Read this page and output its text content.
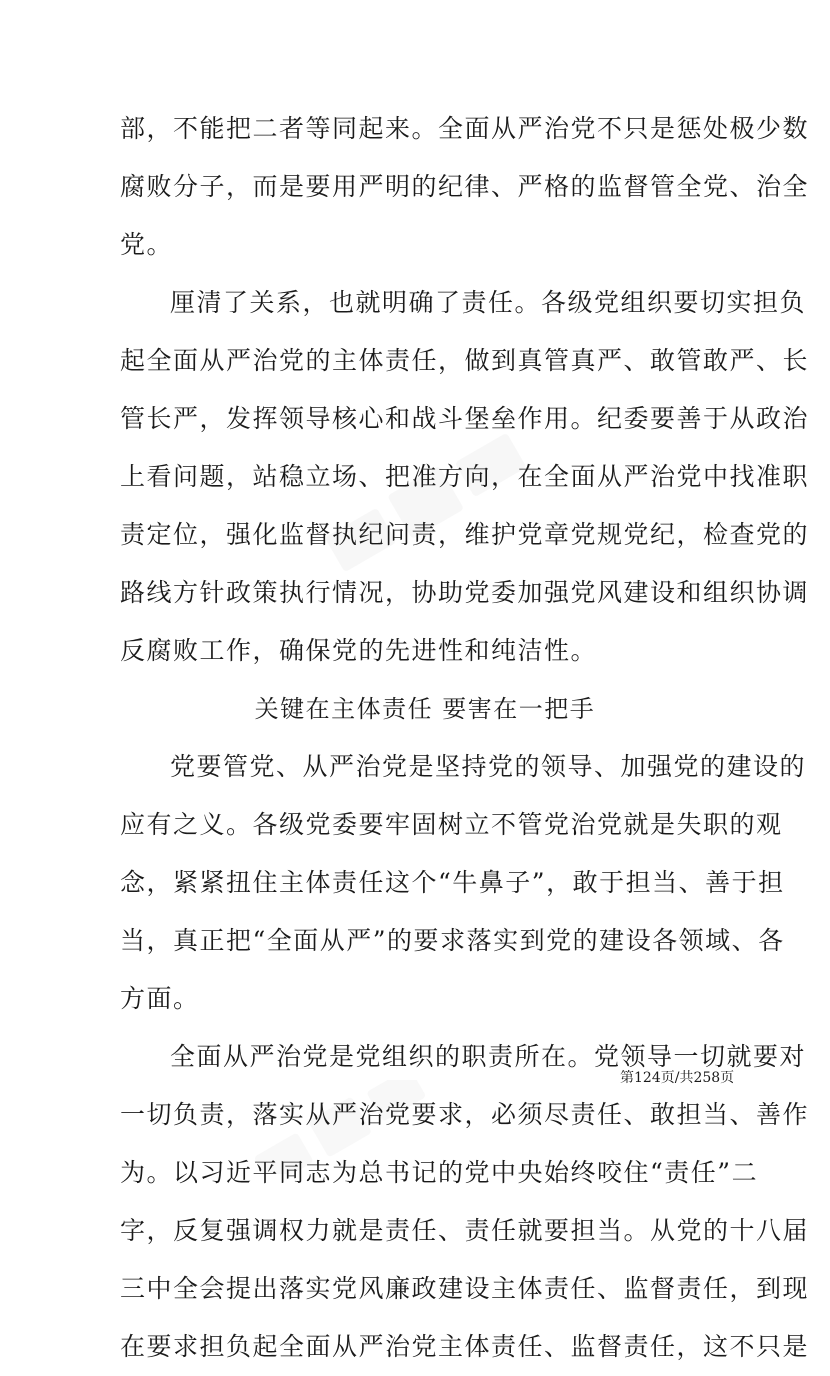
部，不能把二者等同起来。全面从严治党不只是惩处极少数
腐败分子，而是要用严明的纪律、严格的监督管全党、治全
党。
厘清了关系，也就明确了责任。各级党组织要切实担负
起全面从严治党的主体责任，做到真管真严、敢管敢严、长
管长严，发挥领导核心和战斗堡垒作用。纪委要善于从政治
上看问题，站稳立场、把准方向，在全面从严治党中找准职
责定位，强化监督执纪问责，维护党章党规党纪，检查党的
路线方针政策执行情况，协助党委加强党风建设和组织协调
反腐败工作，确保党的先进性和纯洁性。
关键在主体责任 要害在一把手
党要管党、从严治党是坚持党的领导、加强党的建设的
应有之义。各级党委要牢固树立不管党治党就是失职的观
念，紧紧扭住主体责任这个“牛鼻子”，敢于担当、善于担
当，真正把“全面从严”的要求落实到党的建设各领域、各
方面。
全面从严治党是党组织的职责所在。党领导一切就要对
一切负责，落实从严治党要求，必须尽责任、敢担当、善作
为。以习近平同志为总书记的党中央始终咬住“责任”二
字，反复强调权力就是责任、责任就要担当。从党的十八届
三中全会提出落实党风廉政建设主体责任、监督责任，到现
在要求担负起全面从严治党主体责任、监督责任，这不只是
第124页/共258页
